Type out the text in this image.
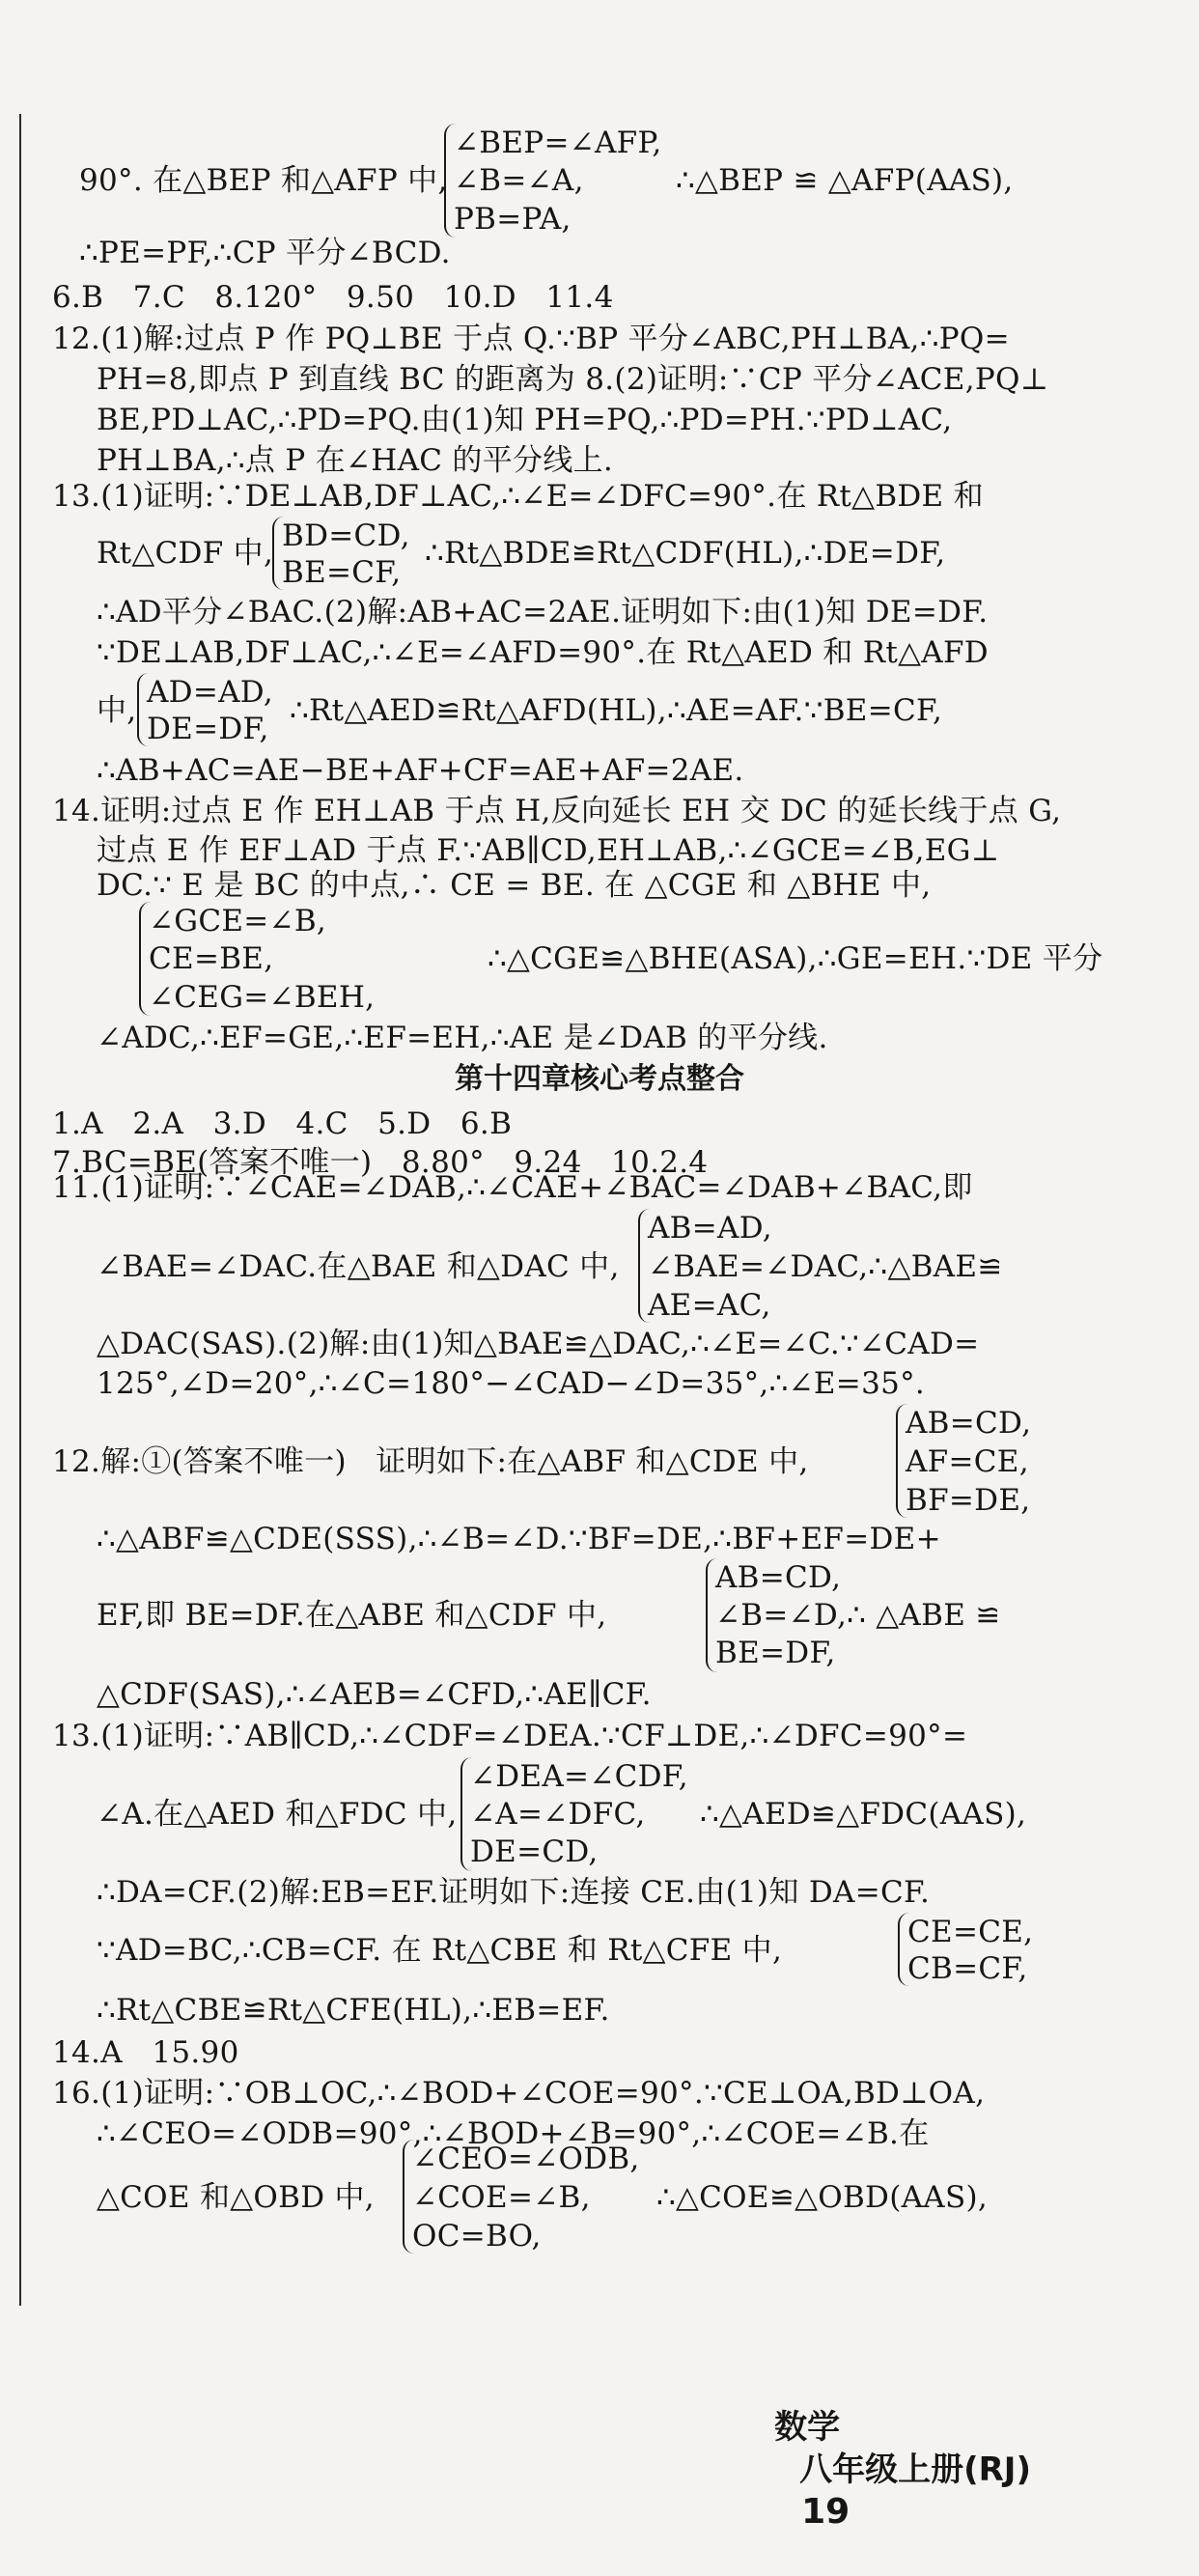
∠BEP=∠AFP,
90°. 在△BEP 和△AFP 中, ∠B=∠A,	∴△BEP ≌ △AFP(AAS),
PB=PA,
∴PE=PF,∴CP 平分∠BCD.
6.B   7.C   8.120°   9.50   10.D   11.4
12.(1)解:过点 P 作 PQ⊥BE 于点 Q.∵BP 平分∠ABC,PH⊥BA,∴PQ=
PH=8,即点 P 到直线 BC 的距离为 8.(2)证明:∵CP 平分∠ACE,PQ⊥
BE,PD⊥AC,∴PD=PQ.由(1)知 PH=PQ,∴PD=PH.∵PD⊥AC,
PH⊥BA,∴点 P 在∠HAC 的平分线上.
13.(1)证明:∵DE⊥AB,DF⊥AC,∴∠E=∠DFC=90°.在 Rt△BDE 和
BD=CD,
Rt△CDF 中,	∴Rt△BDE≌Rt△CDF(HL),∴DE=DF,
BE=CF,
∴AD平分∠BAC.(2)解:AB+AC=2AE.证明如下:由(1)知 DE=DF.
∵DE⊥AB,DF⊥AC,∴∠E=∠AFD=90°.在 Rt△AED 和 Rt△AFD
AD=AD,
中,	∴Rt△AED≌Rt△AFD(HL),∴AE=AF.∵BE=CF,
DE=DF,
∴AB+AC=AE−BE+AF+CF=AE+AF=2AE.
14.证明:过点 E 作 EH⊥AB 于点 H,反向延长 EH 交 DC 的延长线于点 G,
过点 E 作 EF⊥AD 于点 F.∵AB∥CD,EH⊥AB,∴∠GCE=∠B,EG⊥
DC.∵ E 是 BC 的中点,∴ CE = BE. 在 △CGE 和 △BHE 中,
∠GCE=∠B,
CE=BE,	∴△CGE≌△BHE(ASA),∴GE=EH.∵DE 平分
∠CEG=∠BEH,
∠ADC,∴EF=GE,∴EF=EH,∴AE 是∠DAB 的平分线.
第十四章核心考点整合
1.A   2.A   3.D   4.C   5.D   6.B
7.BC=BE(答案不唯一)   8.80°   9.24   10.2.4
11.(1)证明:∵∠CAE=∠DAB,∴∠CAE+∠BAC=∠DAB+∠BAC,即
AB=AD,
∠BAE=∠DAC.在△BAE 和△DAC 中, ∠BAE=∠DAC,∴△BAE≌
AE=AC,
△DAC(SAS).(2)解:由(1)知△BAE≌△DAC,∴∠E=∠C.∵∠CAD=
125°,∠D=20°,∴∠C=180°−∠CAD−∠D=35°,∴∠E=35°.
AB=CD,
12.解:①(答案不唯一)   证明如下:在△ABF 和△CDE 中,	AF=CE,
BF=DE,
∴△ABF≌△CDE(SSS),∴∠B=∠D.∵BF=DE,∴BF+EF=DE+
AB=CD,
EF,即 BE=DF.在△ABE 和△CDF 中,	∠B=∠D,∴ △ABE ≌
BE=DF,
△CDF(SAS),∴∠AEB=∠CFD,∴AE∥CF.
13.(1)证明:∵AB∥CD,∴∠CDF=∠DEA.∵CF⊥DE,∴∠DFC=90°=
∠DEA=∠CDF,
∠A.在△AED 和△FDC 中, ∠A=∠DFC, ∴△AED≌△FDC(AAS),
DE=CD,
∴DA=CF.(2)解:EB=EF.证明如下:连接 CE.由(1)知 DA=CF.
CE=CE,
∵AD=BC,∴CB=CF. 在 Rt△CBE 和 Rt△CFE 中,
CB=CF,
∴Rt△CBE≌Rt△CFE(HL),∴EB=EF.
14.A   15.90
16.(1)证明:∵OB⊥OC,∴∠BOD+∠COE=90°.∵CE⊥OA,BD⊥OA,
∴∠CEO=∠ODB=90°,∴∠BOD+∠B=90°,∴∠COE=∠B.在
∠CEO=∠ODB,
△COE 和△OBD 中, ∠COE=∠B, ∴△COE≌△OBD(AAS),
OC=BO,

数学
八年级上册(RJ)
19
